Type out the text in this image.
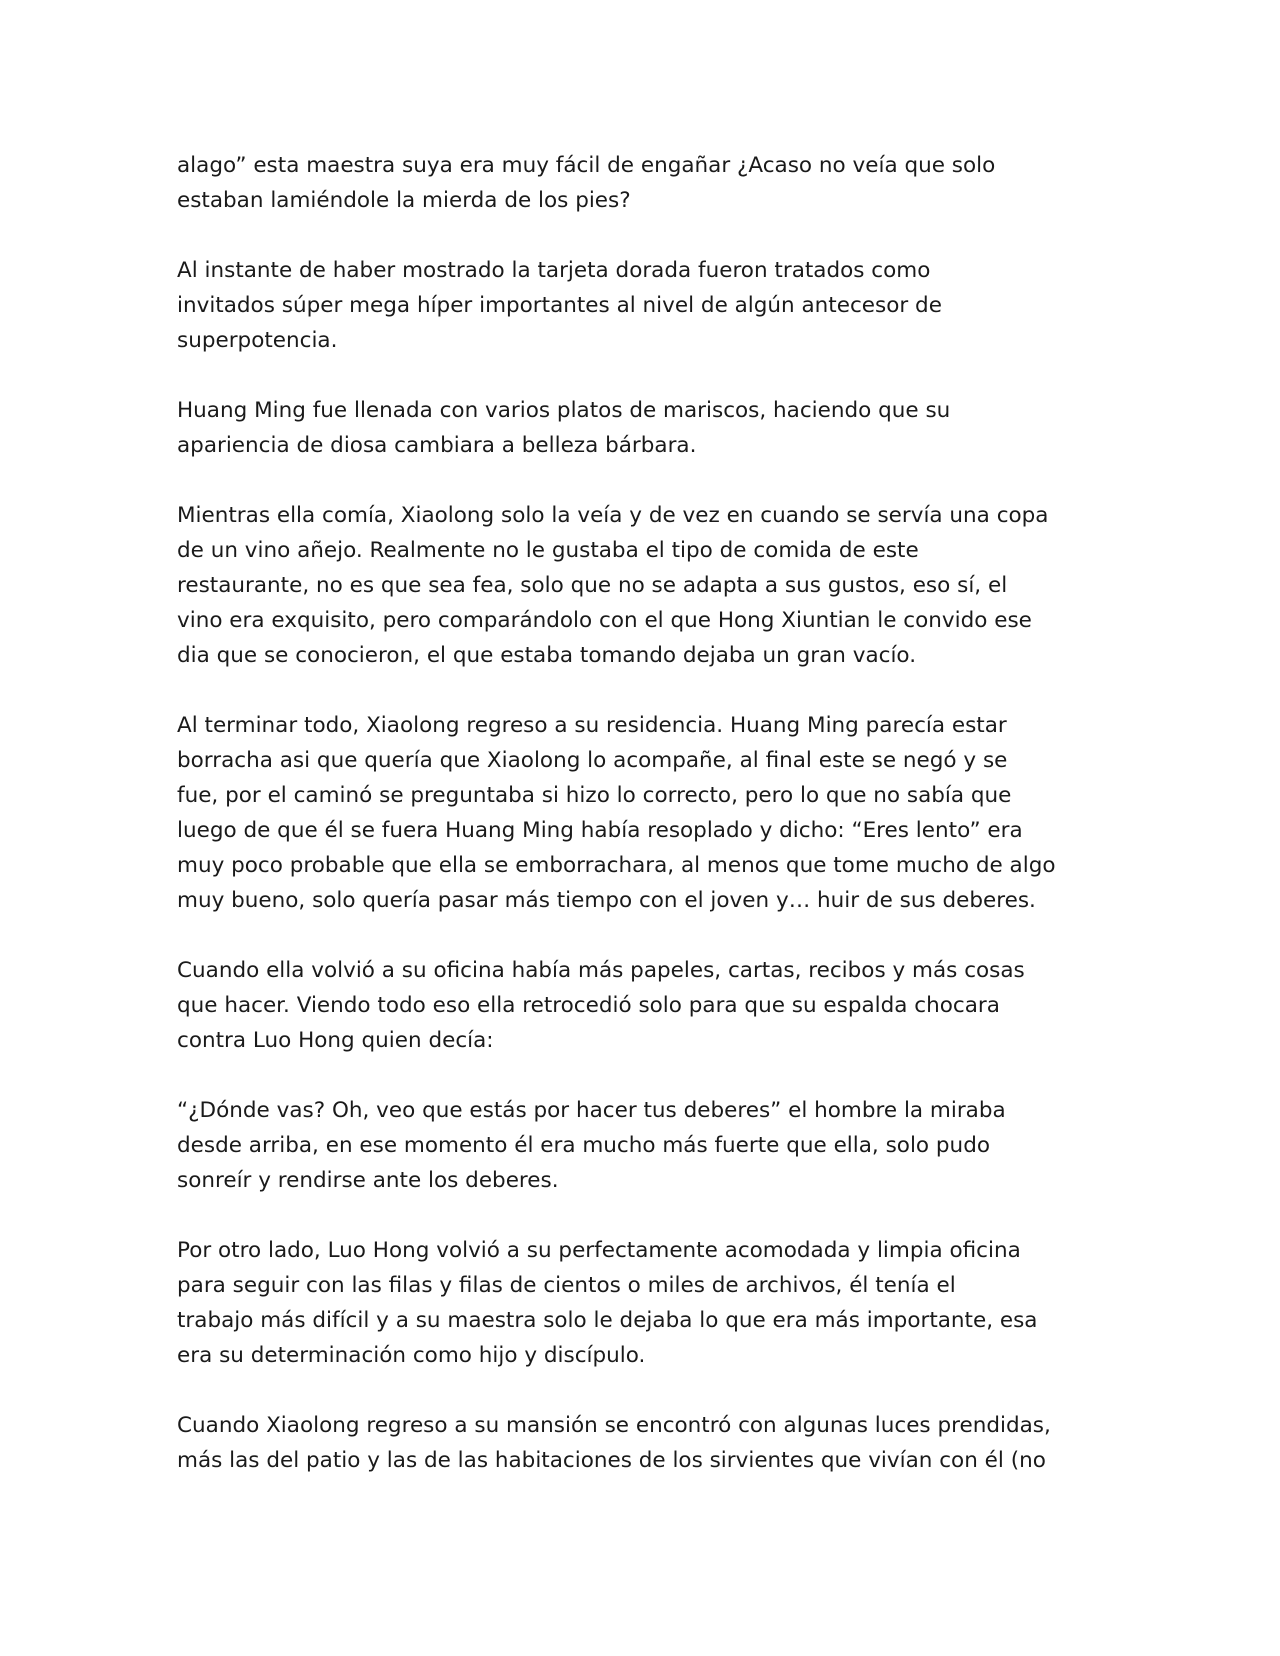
alago” esta maestra suya era muy fácil de engañar ¿Acaso no veía que solo
estaban lamiéndole la mierda de los pies?

Al instante de haber mostrado la tarjeta dorada fueron tratados como
invitados súper mega híper importantes al nivel de algún antecesor de
superpotencia.

Huang Ming fue llenada con varios platos de mariscos, haciendo que su
apariencia de diosa cambiara a belleza bárbara.

Mientras ella comía, Xiaolong solo la veía y de vez en cuando se servía una copa
de un vino añejo. Realmente no le gustaba el tipo de comida de este
restaurante, no es que sea fea, solo que no se adapta a sus gustos, eso sí, el
vino era exquisito, pero comparándolo con el que Hong Xiuntian le convido ese
dia que se conocieron, el que estaba tomando dejaba un gran vacío.

Al terminar todo, Xiaolong regreso a su residencia. Huang Ming parecía estar
borracha asi que quería que Xiaolong lo acompañe, al final este se negó y se
fue, por el caminó se preguntaba si hizo lo correcto, pero lo que no sabía que
luego de que él se fuera Huang Ming había resoplado y dicho: “Eres lento” era
muy poco probable que ella se emborrachara, al menos que tome mucho de algo
muy bueno, solo quería pasar más tiempo con el joven y… huir de sus deberes.

Cuando ella volvió a su oficina había más papeles, cartas, recibos y más cosas
que hacer. Viendo todo eso ella retrocedió solo para que su espalda chocara
contra Luo Hong quien decía:

“¿Dónde vas? Oh, veo que estás por hacer tus deberes” el hombre la miraba
desde arriba, en ese momento él era mucho más fuerte que ella, solo pudo
sonreír y rendirse ante los deberes.

Por otro lado, Luo Hong volvió a su perfectamente acomodada y limpia oficina
para seguir con las filas y filas de cientos o miles de archivos, él tenía el
trabajo más difícil y a su maestra solo le dejaba lo que era más importante, esa
era su determinación como hijo y discípulo.

Cuando Xiaolong regreso a su mansión se encontró con algunas luces prendidas,
más las del patio y las de las habitaciones de los sirvientes que vivían con él (no
